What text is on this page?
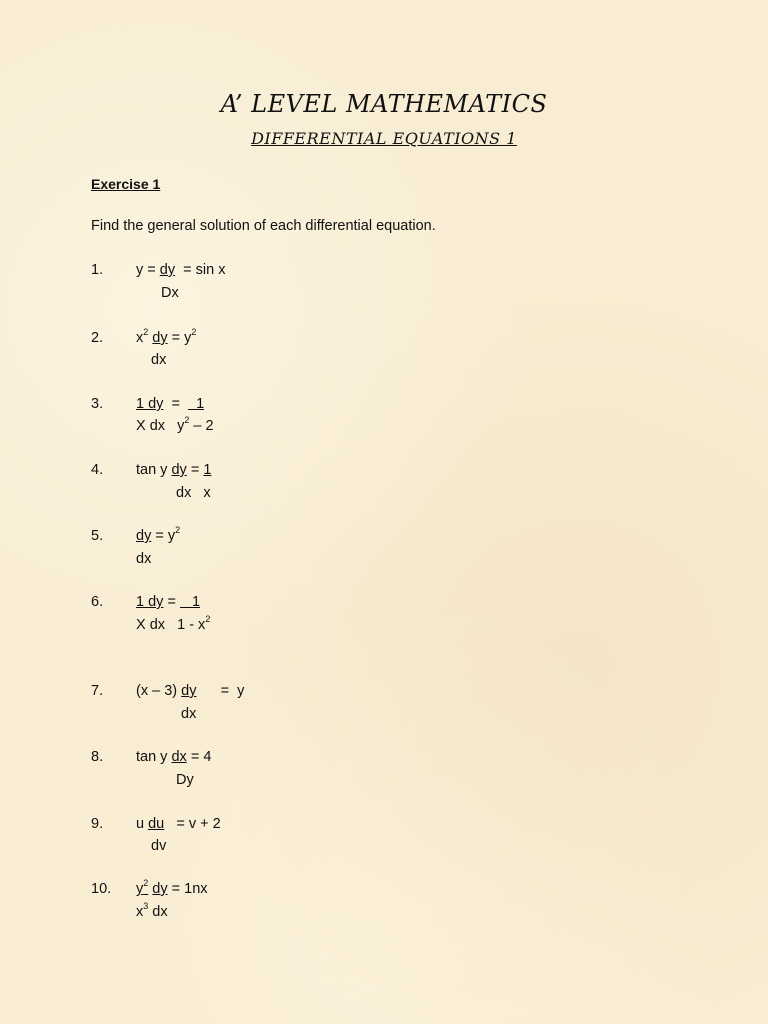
A’ LEVEL MATHEMATICS
DIFFERENTIAL EQUATIONS 1
Exercise 1
Find the general solution of each differential equation.
1. y = dy  = sin x
Dx
2. $x^2$ dy = $y^2$
dx
3. 1 dy  =    1
X dx $y^2 - 2$
4. tan y dy = 1
dx   x
5. dy = $y^2$
dx
6. 1 dy =    1
X dx $1 - x^2$
7. (x – 3) dy      =  y
dx
8. tan y dx = 4
Dy
9. u du   = v + 2
dv
10. $y^2$ dy = 1nx
$x^3$ dx
